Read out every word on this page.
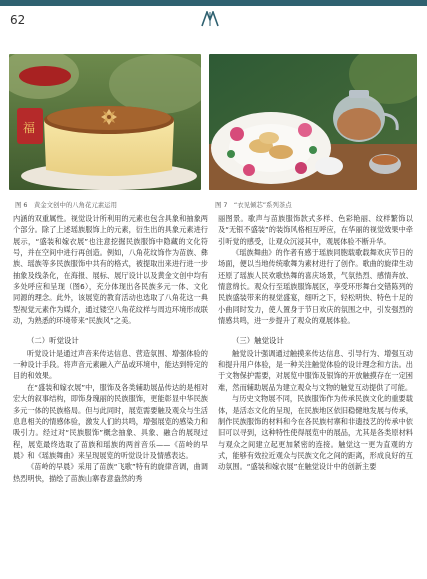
62
福
图 6　黄金文创中的八角花元素运用	图 7　“衣见倾芯”系列茶点

内涵的双重属性。视觉设计所利用的元素也包含具象和抽象两个部分。除了上述瑶族服饰上的元素，衍生出的具象元素进行展示，“盛装和嫁衣展”也注意挖掘民族服饰中隐藏的文化符号，并在空间中进行再创造。例如，八角花纹饰作为苗族、彝族、瑶族等多民族服饰中共有的格式，被提取出来进行进一步抽象及线条化，在海报、展标、展厅设计以及黄金文创中均有多处呼应和呈现（图6），充分体现出各民族多元一体、文化同源的理念。此外，该展览的教育活动也选取了八角花这一典型视觉元素作为媒介，通过镂空八角花纹样与周边环境形成联动，为熟悉的环境带来“民族风”之美。

（二）听觉设计

听觉设计是通过声音来传达信息、营造氛围、增强体验的一种设计手段。将声音元素融入产品或环境中，能达到特定的目的和效果。

在“盛装和嫁衣展”中，服饰及各类辅助展品传达的是相对宏大的叙事结构，即饰身瑰丽的民族服饰，更能彰显中华民族多元一体的民族格局。但与此同时，展览需要触及观众与生活息息相关的情感体验，激发人们的共鸣，增强展览的感染力和吸引力。经过对“民族服饰”概念抽象、具象、融合的展现过程，展览最终选取了苗族和瑶族的两首音乐——《苗岭的早晨》和《瑶族舞曲》来呈现展览的听觉设计及情感表达。

《苗岭的早晨》采用了苗族“飞歌”特有的旋律音调，曲调热烈明快，描绘了苗族山寨春意盎然的秀

丽图景。歌声与苗族服饰款式多样、色彩艳丽、纹样繁饰以及“无银不盛装”的装饰风格相互呼应，在华丽的视觉效果中牵引听觉的感受，让观众沉浸其中，观展体验不断升华。

《瑶族舞曲》的作者有感于瑶族同胞载歌载舞欢庆节日的场面，便以当地传统歌舞为素材进行了创作。歌曲的旋律生动还原了瑶族人民欢歌热舞的喜庆场景，气氛热烈、感情奔放、情意绵长。观众行至瑶族服饰展区，享受环形舞台交错陈列的民族盛装带来的视觉盛宴，细听之下，轻松明快、特色十足的小曲同时发力，使人置身于节日欢庆的氛围之中，引发强烈的情感共鸣，进一步提升了观众的观展体验。

（三）触觉设计

触觉设计强调通过触摸来传达信息、引导行为、增强互动和提升用户体验，是一种关注触觉体验的设计理念和方法。出于文物保护需要，对展览中服饰及银饰的开放触摸存在一定困难，然而辅助展品为建立观众与文物的触觉互动提供了可能。

与历史文物展不同，民族服饰作为传承民族文化的重要载体，是活态文化的呈现，在民族地区依旧稳健地发展与传承，制作民族服饰的材料和今在各民族村寨和非遗技艺的传承中依旧可以寻到，这种特性使得展览中的展品，尤其是各类原材料与观众之间建立起更加紧密的连接。触觉这一更为直观的方式，能够有效拉近观众与民族文化之间的距离，形成良好的互动氛围。“盛装和嫁衣展”在触觉设计中的创新主要
